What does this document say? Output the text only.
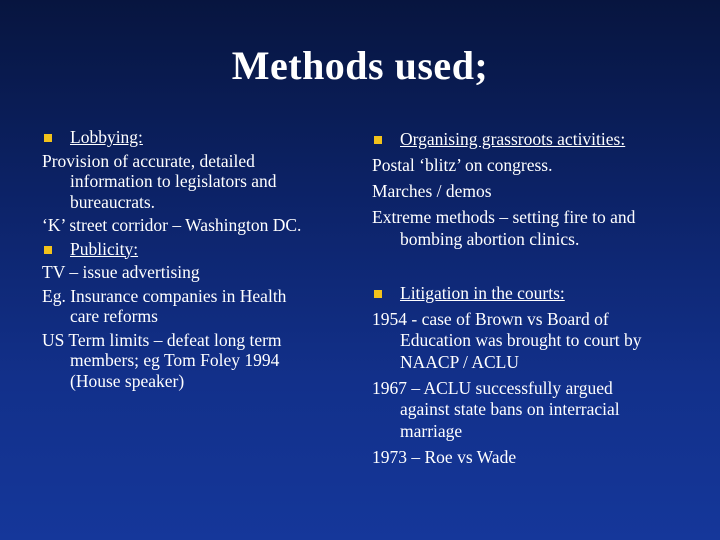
Methods used;
Lobbying:
Provision of accurate, detailed
information to legislators and
bureaucrats.
‘K’ street corridor – Washington DC.
Publicity:
TV – issue advertising
Eg. Insurance companies in Health
care reforms
US Term limits – defeat long term
members; eg Tom Foley 1994
(House speaker)
Organising grassroots activities:
Postal ‘blitz’ on congress.
Marches / demos
Extreme methods – setting fire to and
bombing abortion clinics.
Litigation in the courts:
1954 - case of Brown vs Board of
Education was brought to court by
NAACP / ACLU
1967 – ACLU successfully argued
against state bans on interracial
marriage
1973 – Roe vs Wade
